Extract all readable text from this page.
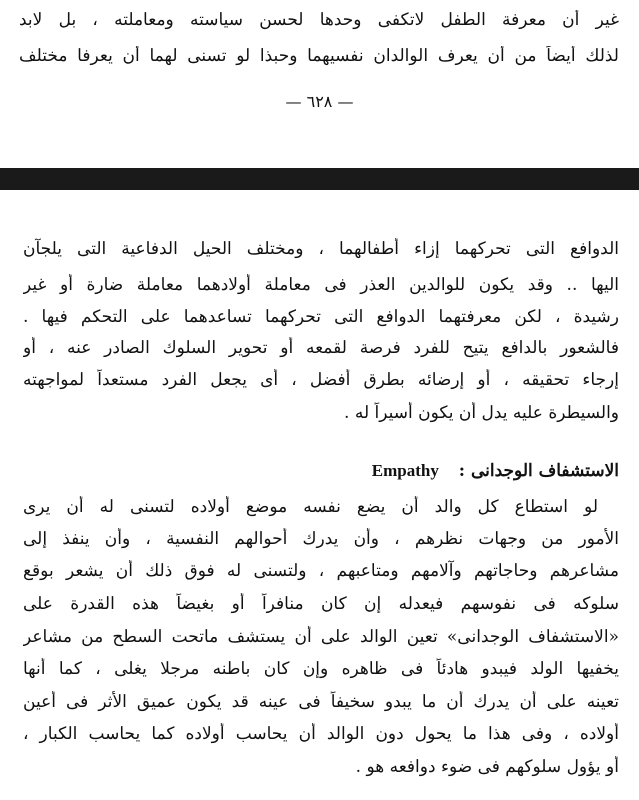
غير أن معرفة الطفل لاتكفى وحدها لحسن سياسته ومعاملته ، بل لابد
لذلك أيضاً من أن يعرف الوالدان نفسيهما وحبذا لو تسنى لهما أن يعرفا مختلف
— ٦٢٨ —
الدوافع التى تحركهما إزاء أطفالهما ، ومختلف الحيل الدفاعية التى يلجآن
اليها .. وقد يكون للوالدين العذر فى معاملة أولادهما معاملة ضارة أو غير
رشيدة ، لكن معرفتهما الدوافع التى تحركهما تساعدهما على التحكم فيها .
فالشعور بالدافع يتيح للفرد فرصة لقمعه أو تحوير السلوك الصادر عنه ، أو
إرجاء تحقيقه ، أو إرضائه بطرق أفضل ، أى يجعل الفرد مستعداً لمواجهته
والسيطرة عليه يدل أن يكون أسيراً له .
الاستشفاف الوجدانى : Empathy
لو استطاع كل والد أن يضع نفسه موضع أولاده لتسنى له أن يرى
الأمور من وجهات نظرهم ، وأن يدرك أحوالهم النفسية ، وأن ينفذ إلى
مشاعرهم وحاجاتهم وآلامهم ومتاعبهم ، ولتسنى له فوق ذلك أن يشعر بوقع
سلوكه فى نفوسهم فيعدله إن كان منافراً أو بغيضاً هذه القدرة على
«الاستشفاف الوجدانى» تعين الوالد على أن يستشف ماتحت السطح من مشاعر
يخفيها الولد فيبدو هادئاً فى ظاهره وإن كان باطنه مرجلا يغلى ، كما أنها
تعينه على أن يدرك أن ما يبدو سخيفاً فى عينه قد يكون عميق الأثر فى أعين
أولاده ، وفى هذا ما يحول دون الوالد أن يحاسب أولاده كما يحاسب الكبار ،
أو يؤول سلوكهم فى ضوء دوافعه هو .
